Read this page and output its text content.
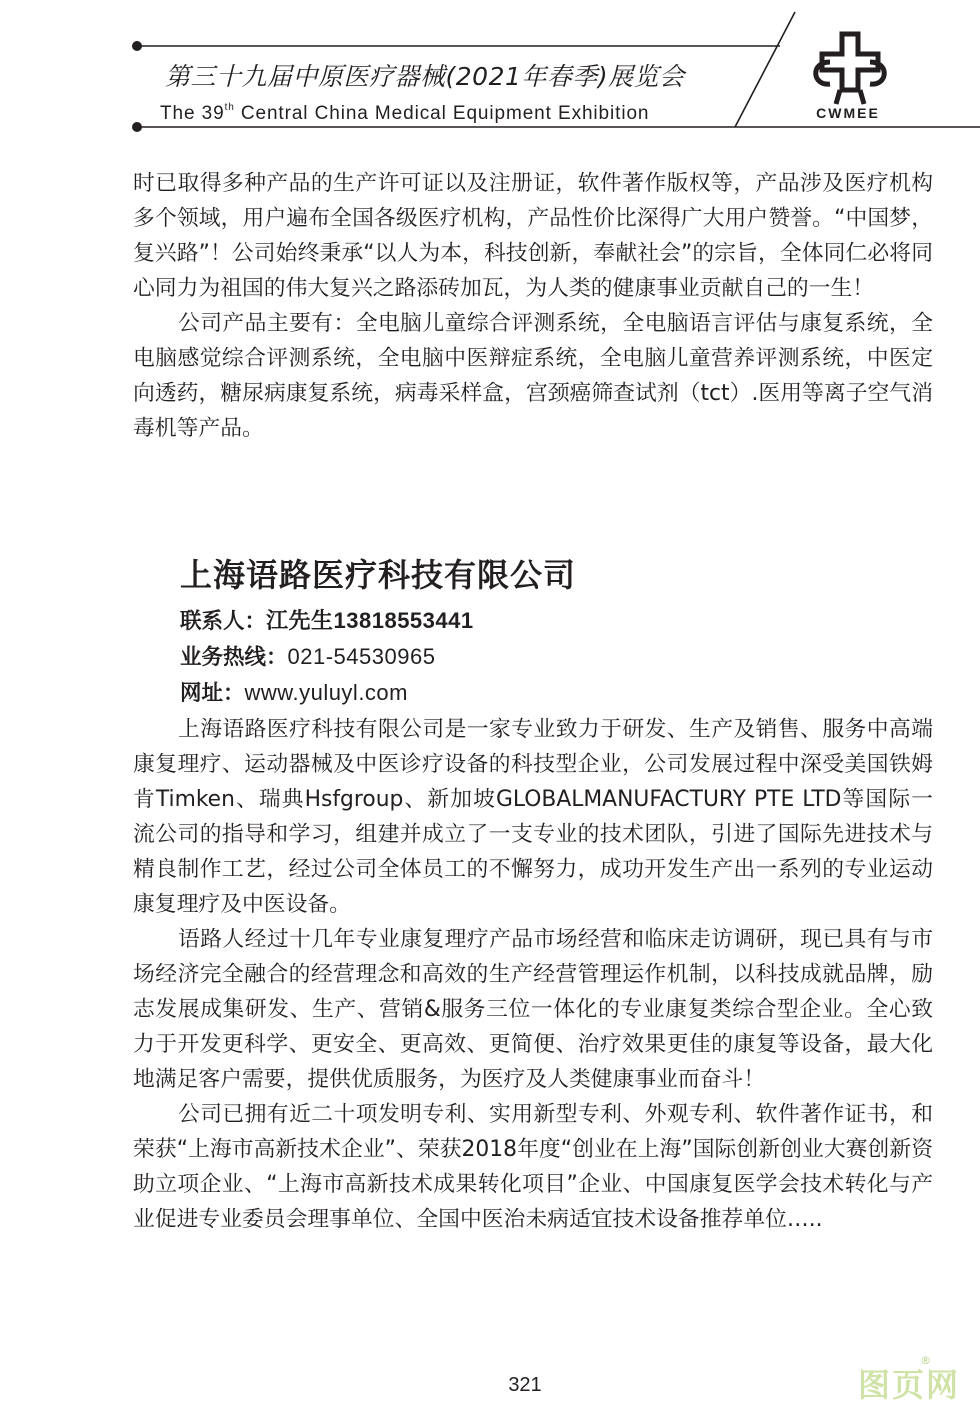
第三十九届中原医疗器械(2021年春季)展览会
The 39th Central China Medical Equipment Exhibition	CWMEE

时已取得多种产品的生产许可证以及注册证，软件著作版权等，产品涉及医疗机构多个领域，用户遍布全国各级医疗机构，产品性价比深得广大用户赞誉。“中国梦，复兴路”！公司始终秉承“以人为本，科技创新，奉献社会”的宗旨，全体同仁必将同心同力为祖国的伟大复兴之路添砖加瓦，为人类的健康事业贡献自己的一生！

公司产品主要有：全电脑儿童综合评测系统，全电脑语言评估与康复系统，全电脑感觉综合评测系统，全电脑中医辩症系统，全电脑儿童营养评测系统，中医定向透药，糖尿病康复系统，病毒采样盒，宫颈癌筛查试剂（tct）.医用等离子空气消毒机等产品。

上海语路医疗科技有限公司
联系人：江先生13818553441
业务热线：021-54530965
网址：www.yuluyl.com

上海语路医疗科技有限公司是一家专业致力于研发、生产及销售、服务中高端康复理疗、运动器械及中医诊疗设备的科技型企业，公司发展过程中深受美国铁姆肯Timken、瑞典Hsfgroup、新加坡GLOBALMANUFACTURY PTE LTD等国际一流公司的指导和学习，组建并成立了一支专业的技术团队，引进了国际先进技术与精良制作工艺，经过公司全体员工的不懈努力，成功开发生产出一系列的专业运动康复理疗及中医设备。

语路人经过十几年专业康复理疗产品市场经营和临床走访调研，现已具有与市场经济完全融合的经营理念和高效的生产经营管理运作机制，以科技成就品牌，励志发展成集研发、生产、营销&服务三位一体化的专业康复类综合型企业。全心致力于开发更科学、更安全、更高效、更简便、治疗效果更佳的康复等设备，最大化地满足客户需要，提供优质服务，为医疗及人类健康事业而奋斗！

公司已拥有近二十项发明专利、实用新型专利、外观专利、软件著作证书，和荣获“上海市高新技术企业”、荣获2018年度“创业在上海”国际创新创业大赛创新资助立项企业、“上海市高新技术成果转化项目”企业、中国康复医学会技术转化与产业促进专业委员会理事单位、全国中医治未病适宜技术设备推荐单位…..

321	图页网
®
